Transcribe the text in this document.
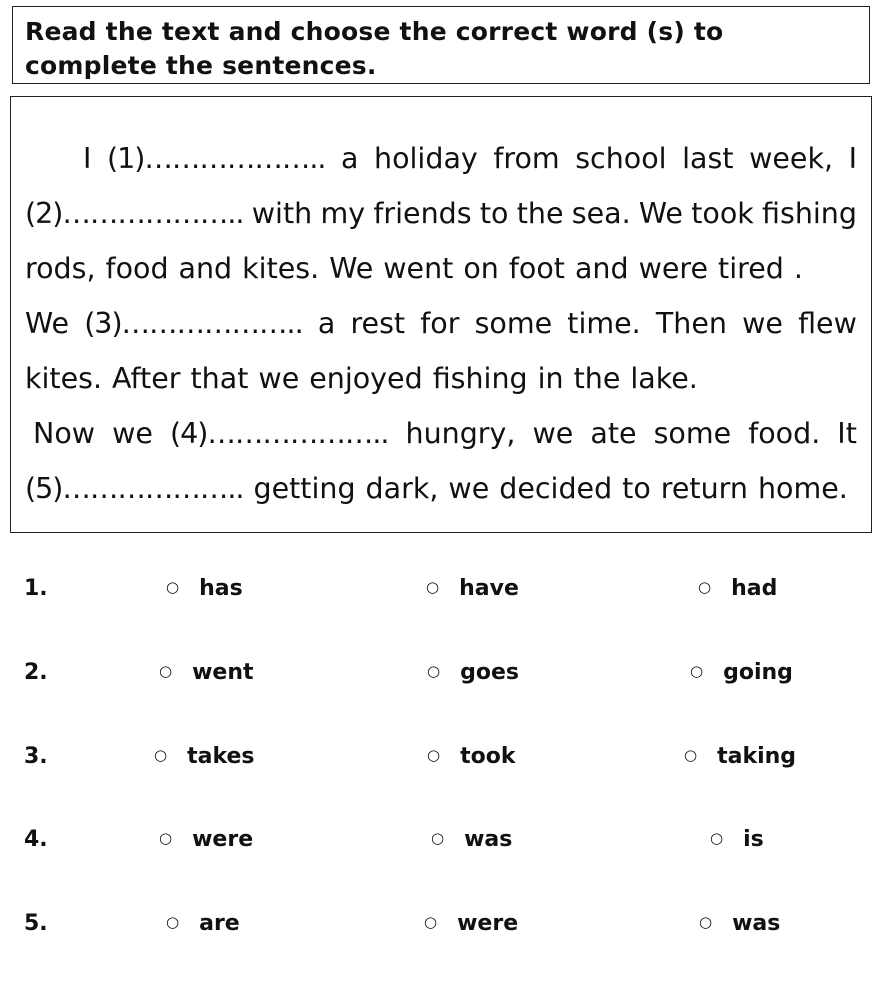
Read the text and choose the correct word (s) to complete the sentences.
I (1)……………….. a holiday from school last week, I
(2)……………….. with my friends to the sea. We took fishing
rods, food and kites. We went on foot and were tired .
We (3)……………….. a rest for some time. Then we flew
kites. After that we enjoyed fishing in the lake.
Now we (4)……………….. hungry, we ate some food. It
(5)……………….. getting dark, we decided to return home.
1.	○ has	○ have	○ had
2.	○ went	○ goes	○ going
3.	○ takes	○ took	○ taking
4.	○ were	○ was	○ is
5.	○ are	○ were	○ was
